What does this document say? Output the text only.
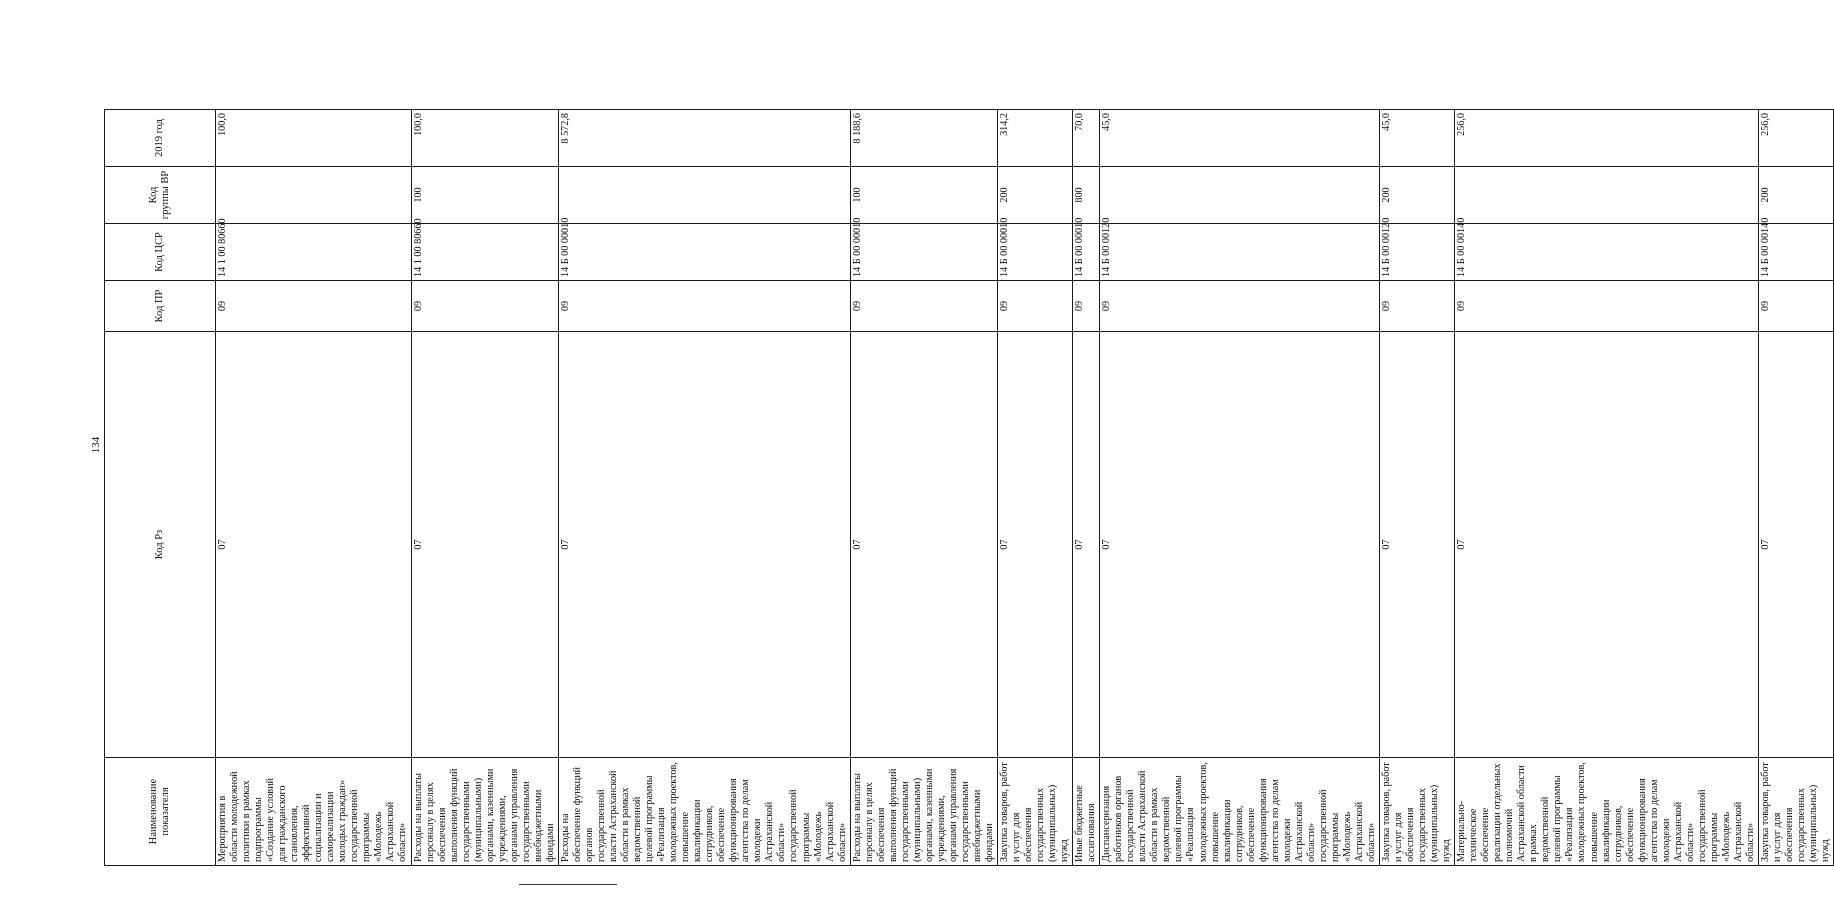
134
Наименование показателя	Код Рз	Код ПР	Код ЦСР	Код группы ВР	2019 год
Мероприятия в области молодежной политики в рамках подпрограммы «Создание условий для гражданского становления, эффективной социализации и самореализации молодых граждан» государственной программы «Молодежь Астраханской области»	07	09	14 1 00 80660		100,0
Расходы на выплаты персоналу в целях обеспечения выполнения функций государственными (муниципальными) органами, казенными учреждениями, органами управления государственными внебюджетными фондами	07	09	14 1 00 80660	100	100,0
Расходы на обеспечение функций органов государственной власти Астраханской области в рамках ведомственной целевой программы «Реализация молодежных проектов, повышение квалификации сотрудников, обеспечение функционирования агентства по делам молодежи Астраханской области» государственной программы «Молодежь Астраханской области»	07	09	14 Б 00 00010		8 572,8
Расходы на выплаты персоналу в целях обеспечения выполнения функций государственными (муниципальными) органами, казенными учреждениями, органами управления государственными внебюджетными фондами	07	09	14 Б 00 00010	100	8 188,6
Закупка товаров, работ и услуг для обеспечения государственных (муниципальных) нужд	07	09	14 Б 00 00010	200	314,2
Иные бюджетные ассигнования	07	09	14 Б 00 00010	800	70,0
Диспансеризация работников органов государственной власти Астраханской области в рамках ведомственной целевой программы «Реализация молодежных проектов, повышение квалификации сотрудников, обеспечение функционирования агентства по делам молодежи Астраханской области» государственной программы «Молодежь Астраханской области»	07	09	14 Б 00 00120		45,0
Закупка товаров, работ и услуг для обеспечения государственных (муниципальных) нужд	07	09	14 Б 00 00120	200	45,0
Материально-техническое обеспечение реализации отдельных полномочий Астраханской области в рамках ведомственной целевой программы «Реализация молодежных проектов, повышение квалификации сотрудников, обеспечение функционирования агентства по делам молодежи Астраханской области» государственной программы «Молодежь Астраханской области»	07	09	14 Б 00 00140		256,0
Закупка товаров, работ и услуг для обеспечения государственных (муниципальных) нужд	07	09	14 Б 00 00140	200	256,0
